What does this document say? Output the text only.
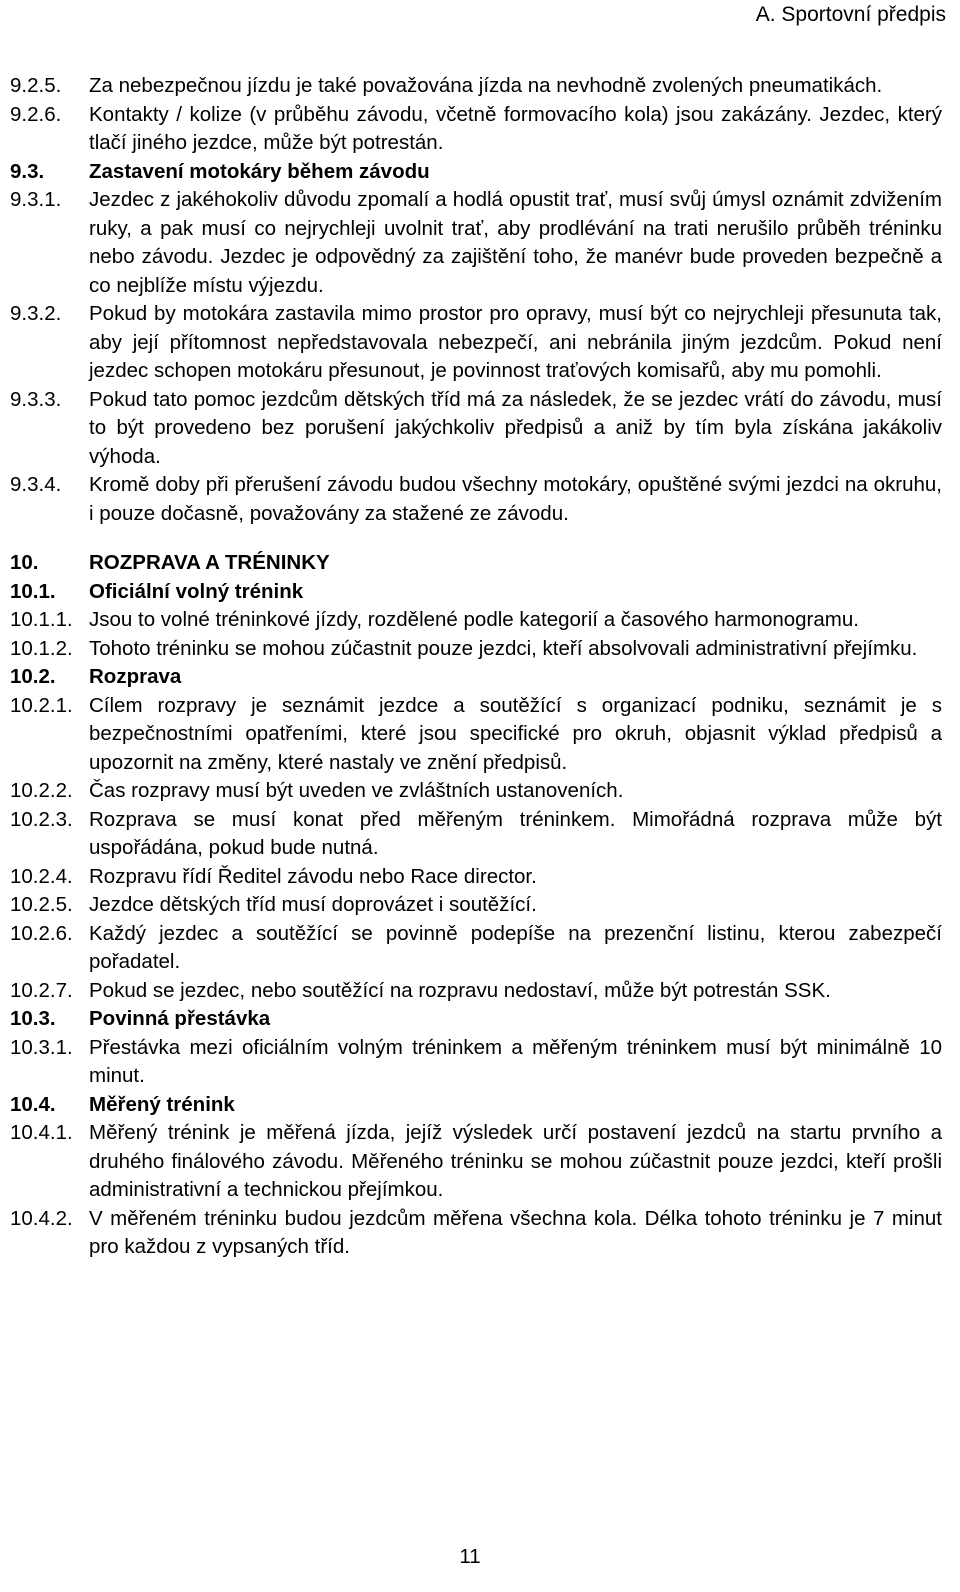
A. Sportovní předpis
9.2.5.	Za nebezpečnou jízdu je také považována jízda na nevhodně zvolených pneumatikách.
9.2.6.	Kontakty / kolize (v průběhu závodu, včetně formovacího kola) jsou zakázány. Jezdec, který tlačí jiného jezdce, může být potrestán.
9.3.	Zastavení motokáry během závodu
9.3.1.	Jezdec z jakéhokoliv důvodu zpomalí a hodlá opustit trať, musí svůj úmysl oznámit zdvižením ruky, a pak musí co nejrychleji uvolnit trať, aby prodlévání na trati nerušilo průběh tréninku nebo závodu. Jezdec je odpovědný za zajištění toho, že manévr bude proveden bezpečně a co nejblíže místu výjezdu.
9.3.2.	Pokud by motokára zastavila mimo prostor pro opravy, musí být co nejrychleji přesunuta tak, aby její přítomnost nepředstavovala nebezpečí, ani nebránila jiným jezdcům. Pokud není jezdec schopen motokáru přesunout, je povinnost traťových komisařů, aby mu pomohli.
9.3.3.	Pokud tato pomoc jezdcům dětských tříd má za následek, že se jezdec vrátí do závodu, musí to být provedeno bez porušení jakýchkoliv předpisů a aniž by tím byla získána jakákoliv výhoda.
9.3.4.	Kromě doby při přerušení závodu budou všechny motokáry, opuštěné svými jezdci na okruhu, i pouze dočasně, považovány za stažené ze závodu.
10.	ROZPRAVA A TRÉNINKY
10.1.	Oficiální volný trénink
10.1.1. Jsou to volné tréninkové jízdy, rozdělené podle kategorií a časového harmonogramu.
10.1.2. Tohoto tréninku se mohou zúčastnit pouze jezdci, kteří absolvovali administrativní přejímku.
10.2.	Rozprava
10.2.1. Cílem rozpravy je seznámit jezdce a soutěžící s organizací podniku, seznámit je s bezpečnostními opatřeními, které jsou specifické pro okruh, objasnit výklad předpisů a upozornit na změny, které nastaly ve znění předpisů.
10.2.2. Čas rozpravy musí být uveden ve zvláštních ustanoveních.
10.2.3. Rozprava se musí konat před měřeným tréninkem. Mimořádná rozprava může být uspořádána, pokud bude nutná.
10.2.4. Rozpravu řídí Ředitel závodu nebo Race director.
10.2.5. Jezdce dětských tříd musí doprovázet i soutěžící.
10.2.6. Každý jezdec a soutěžící se povinně podepíše na prezenční listinu, kterou zabezpečí pořadatel.
10.2.7. Pokud se jezdec, nebo soutěžící na rozpravu nedostaví, může být potrestán SSK.
10.3.	Povinná přestávka
10.3.1. Přestávka mezi oficiálním volným tréninkem a měřeným tréninkem musí být minimálně 10 minut.
10.4.	Měřený trénink
10.4.1. Měřený trénink je měřená jízda, jejíž výsledek určí postavení jezdců na startu prvního a druhého finálového závodu. Měřeného tréninku se mohou zúčastnit pouze jezdci, kteří prošli administrativní a technickou přejímkou.
10.4.2. V měřeném tréninku budou jezdcům měřena všechna kola. Délka tohoto tréninku je 7 minut pro každou z vypsaných tříd.
11
